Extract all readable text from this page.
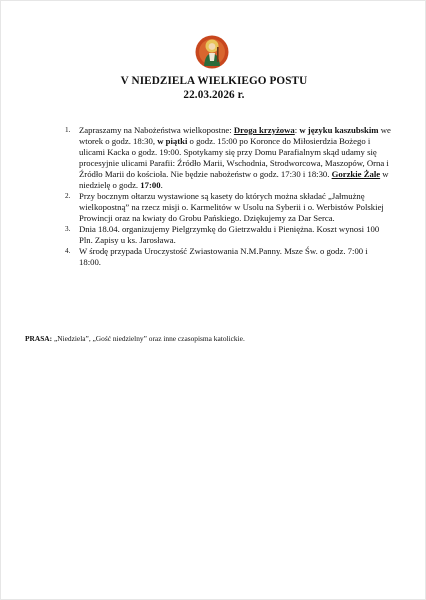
V NIEDZIELA WIELKIEGO POSTU
22.03.2026 r.
1. Zapraszamy na Nabożeństwa wielkopostne: Droga krzyżowa: w języku kaszubskim we wtorek o godz. 18:30, w piątki o godz. 15:00 po Koronce do Miłosierdzia Bożego i ulicami Kacka o godz. 19:00. Spotykamy się przy Domu Parafialnym skąd udamy się procesyjnie ulicami Parafii: Źródło Marii, Wschodnia, Strodworcowa, Maszopów, Orna i Źródło Marii do kościoła. Nie będzie nabożeństw o godz. 17:30 i 18:30. Gorzkie Żale w niedzielę o godz. 17:00.
2. Przy bocznym ołtarzu wystawione są kasety do których można składać „Jałmużnę wielkopostną” na rzecz misji o. Karmelitów w Usolu na Syberii i o. Werbistów Polskiej Prowincji oraz na kwiaty do Grobu Pańskiego. Dziękujemy za Dar Serca.
3. Dnia 18.04. organizujemy Pielgrzymkę do Gietrzwałdu i Pieniężna. Koszt wynosi 100 Pln. Zapisy u ks. Jarosława.
4. W środę przypada Uroczystość Zwiastowania N.M.Panny. Msze Św. o godz. 7:00 i 18:00.
PRASA: „Niedziela”, „Gość niedzielny” oraz inne czasopisma katolickie.
